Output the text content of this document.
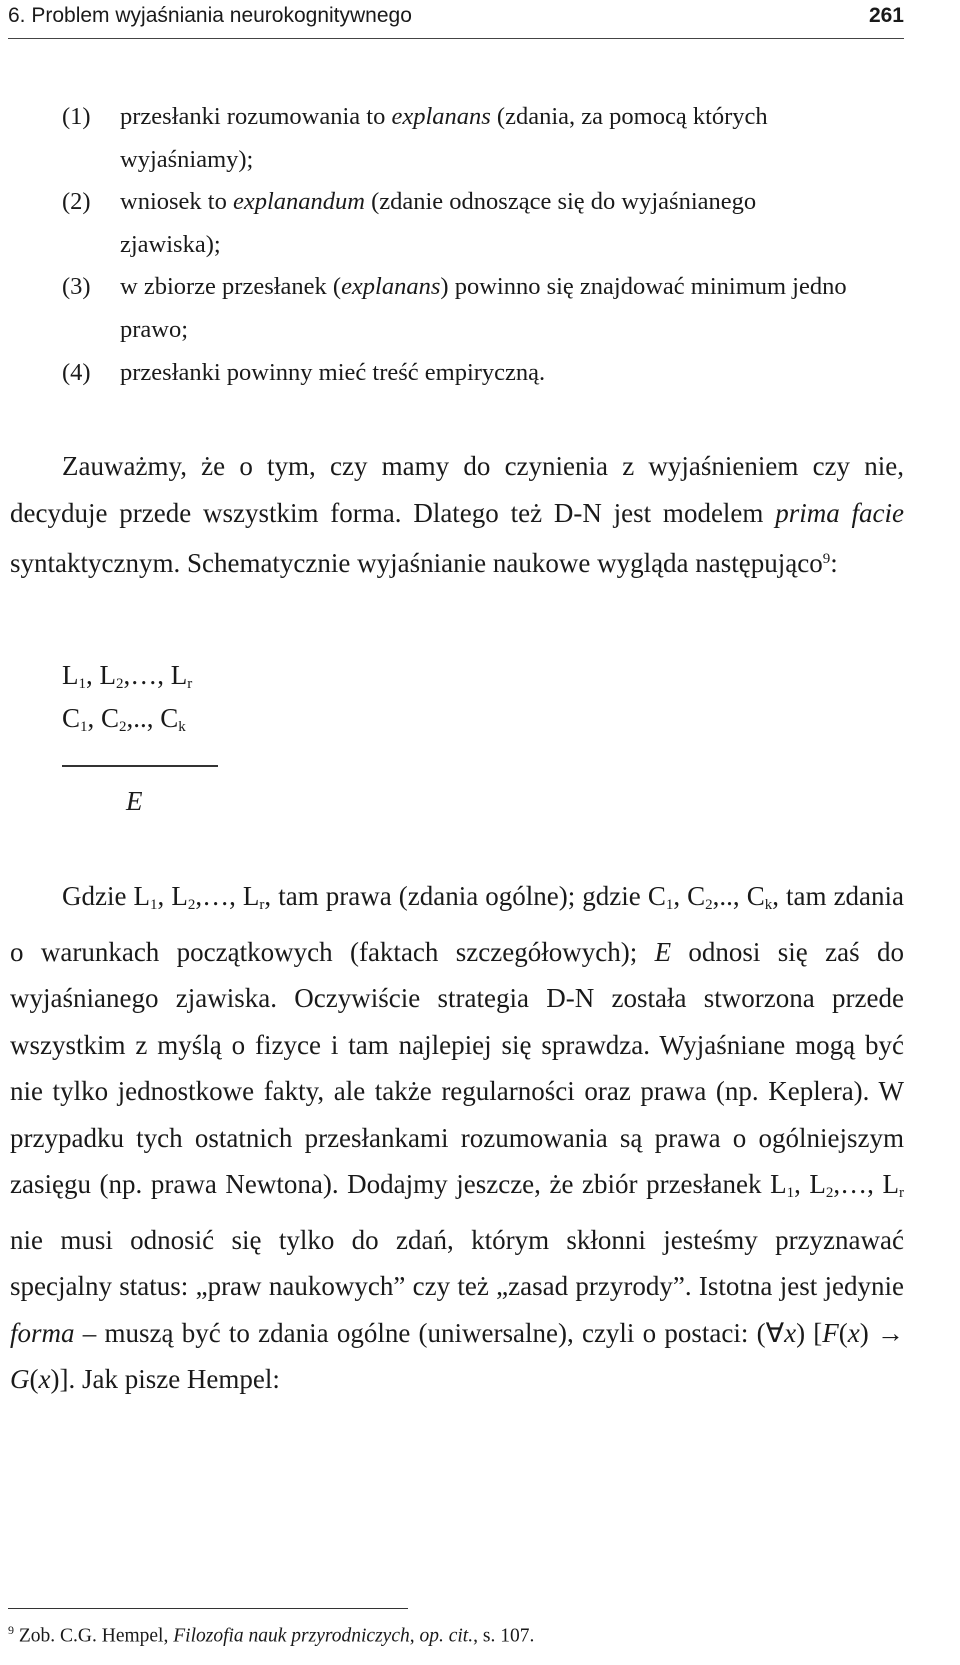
6. Problem wyjaśniania neurokognitywnego	261
(1) przesłanki rozumowania to explanans (zdania, za pomocą których wyjaśniamy);
(2) wniosek to explanandum (zdanie odnoszące się do wyjaśnianego zjawiska);
(3) w zbiorze przesłanek (explanans) powinno się znajdować minimum jedno prawo;
(4) przesłanki powinny mieć treść empiryczną.
Zauważmy, że o tym, czy mamy do czynienia z wyjaśnieniem czy nie, decyduje przede wszystkim forma. Dlatego też D-N jest modelem prima facie syntaktycznym. Schematycznie wyjaśnianie naukowe wygląda następująco$^9$:
$L_1$, $L_2,\dots$, $L_r$
$C_1$, $C_2$,.., $C_k$
E
Gdzie $L_1$, $L_2,\dots$, $L_r$, tam prawa (zdania ogólne); gdzie $C_1$, $C_2$,.., $C_k$, tam zdania o warunkach początkowych (faktach szczegółowych); E odnosi się zaś do wyjaśnianego zjawiska. Oczywiście strategia D-N została stworzona przede wszystkim z myślą o fizyce i tam najlepiej się sprawdza. Wyjaśniane mogą być nie tylko jednostkowe fakty, ale także regularności oraz prawa (np. Keplera). W przypadku tych ostatnich przesłankami rozumowania są prawa o ogólniejszym zasięgu (np. prawa Newtona). Dodajmy jeszcze, że zbiór przesłanek $L_1$, $L_2,\dots$, $L_r$ nie musi odnosić się tylko do zdań, którym skłonni jesteśmy przyznawać specjalny status: „praw naukowych” czy też „zasad przyrody”. Istotna jest jedynie forma – muszą być to zdania ogólne (uniwersalne), czyli o postaci: (∀x) [F(x) → G(x)]. Jak pisze Hempel:
$^9$ Zob. C.G. Hempel, Filozofia nauk przyrodniczych, op. cit., s. 107.
